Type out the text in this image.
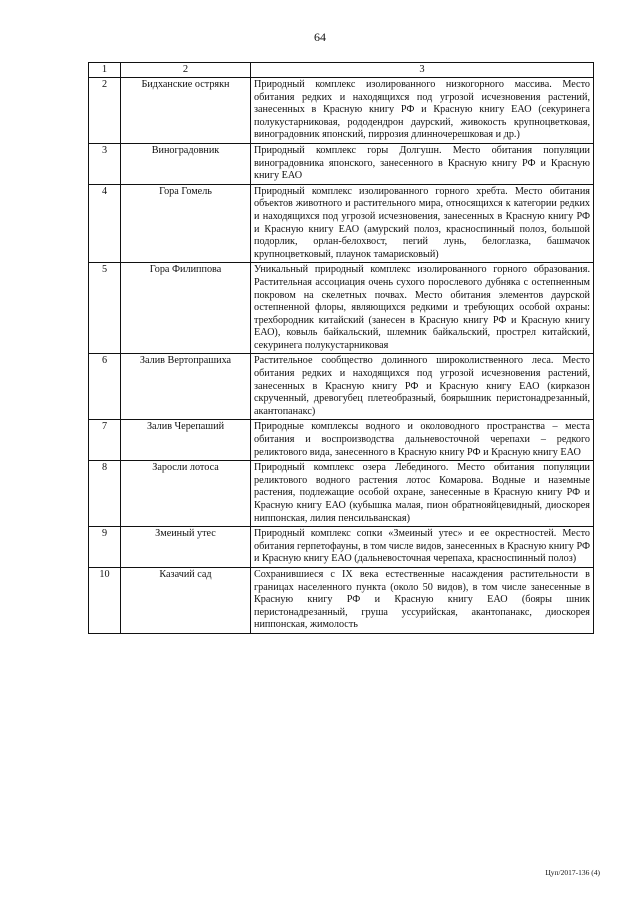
64
1	2	3
2	Бидханские острякн	Природный комплекс изолированного низкогорного массива. Место обитания редких и находящихся под угрозой исчезновения растений, занесенных в Красную книгу РФ и Красную книгу ЕАО (секуринега полукустарниковая, рододендрон даурский, живокость крупноцветковая, виноградовник японский, пиррозия длинночерешковая и др.)
3	Виноградовник	Природный комплекс горы Долгушн. Место обитания популяции виноградовника японского, занесенного в Красную книгу РФ и Красную книгу ЕАО
4	Гора Гомель	Природный комплекс изолированного горного хребта. Место обитания объектов животного и растительного мира, относящихся к категории редких и находящихся под угрозой исчезновения, занесенных в Красную книгу РФ и Красную книгу ЕАО (амурский полоз, красноспинный полоз, большой подорлик, орлан-белохвост, пегий лунь, белоглазка, башмачок крупноцветковый, плаунок тамарисковый)
5	Гора Филиппова	Уникальный природный комплекс изолированного горного образования. Растительная ассоциация очень сухого порослевого дубняка с остепненным покровом на скелетных почвах. Место обитания элементов даурской остепненной флоры, являющихся редкими и требующих особой охраны: трехбородник китайский (занесен в Красную книгу РФ и Красную книгу ЕАО), ковыль байкальский, шлемник байкальский, прострел китайский, секуринега полукустарниковая
6	Залив Вертопрашиха	Растительное сообщество долинного широколиственного леса. Место обитания редких и находящихся под угрозой исчезновения растений, занесенных в Красную книгу РФ и Красную книгу ЕАО (кирказон скрученный, древогубец плетеобразный, боярышник перистонадрезанный, акантопанакс)
7	Залив Черепаший	Природные комплексы водного и околоводного пространства – места обитания и воспроизводства дальневосточной черепахи – редкого реликтового вида, занесенного в Красную книгу РФ и Красную книгу ЕАО
8	Заросли лотоса	Природный комплекс озера Лебединого. Место обитания популяции реликтового водного растения лотос Комарова. Водные и наземные растения, подлежащие особой охране, занесенные в Красную книгу РФ и Красную книгу ЕАО (кубышка малая, пион обратнояйцевидный, диоскорея ниппонская, лилия пенсильванская)
9	Змеиный утес	Природный комплекс сопки «Змеиный утес» и ее окрестностей. Место обитания герпетофауны, в том числе видов, занесенных в Красную книгу РФ и Красную книгу ЕАО (дальневосточная черепаха, красноспинный полоз)
10	Казачий сад	Сохранившиеся с IX века естественные насаждения растительности в границах населенного пункта (около 50 видов), в том числе занесенные в Красную книгу РФ и Красную книгу ЕАО (бояры шник перистонадрезанный, груша уссурийская, акантопанакс, диоскорея ниппонская, жимолость
Цуп/2017-136 (4)
